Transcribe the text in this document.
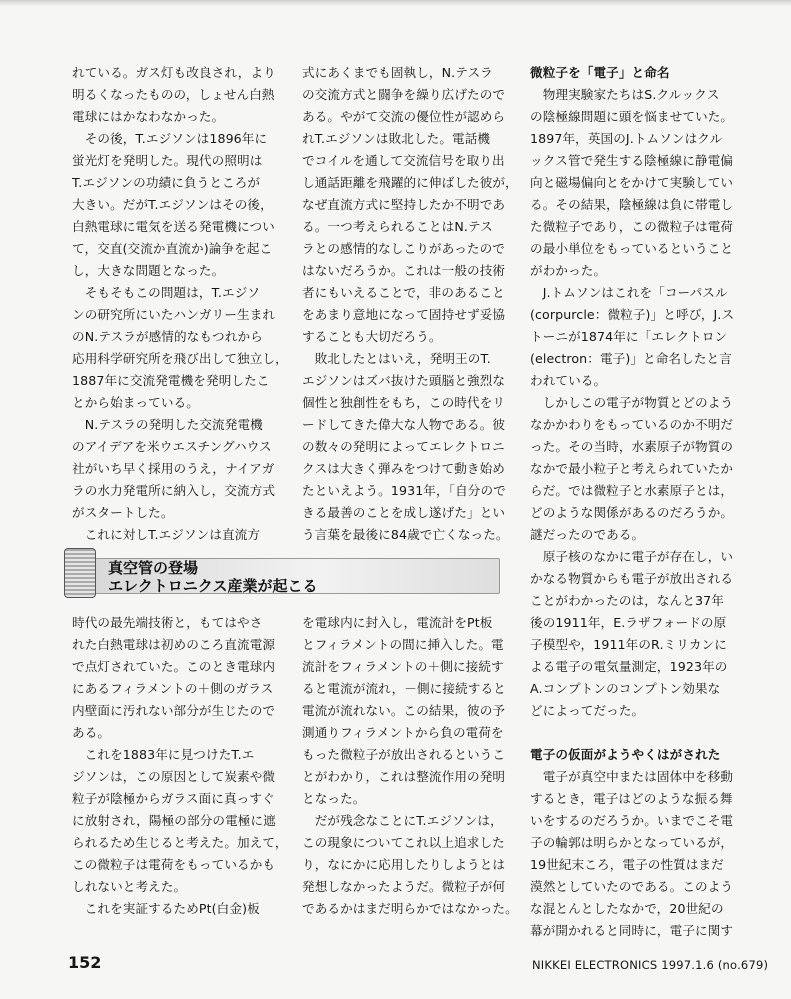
れている。ガス灯も改良され，より

明るくなったものの，しょせん白熱

電球にはかなわなかった。

　その後，T.エジソンは1896年に

蛍光灯を発明した。現代の照明は

T.エジソンの功績に負うところが

大きい。だがT.エジソンはその後，

白熱電球に電気を送る発電機につい

て，交直(交流か直流か)論争を起こ

し，大きな問題となった。

　そもそもこの問題は，T.エジソ

ンの研究所にいたハンガリー生まれ

のN.テスラが感情的なもつれから

応用科学研究所を飛び出して独立し，

1887年に交流発電機を発明したこ

とから始まっている。

　N.テスラの発明した交流発電機

のアイデアを米ウエスチングハウス

社がいち早く採用のうえ，ナイアガ

ラの水力発電所に納入し，交流方式

がスタートした。

　これに対しT.エジソンは直流方

式にあくまでも固執し，N.テスラ

の交流方式と闘争を繰り広げたので

ある。やがて交流の優位性が認めら

れT.エジソンは敗北した。電話機

でコイルを通して交流信号を取り出

し通話距離を飛躍的に伸ばした彼が，

なぜ直流方式に堅持したか不明であ

る。一つ考えられることはN.テス

ラとの感情的なしこりがあったので

はないだろうか。これは一般の技術

者にもいえることで，非のあること

をあまり意地になって固持せず妥協

することも大切だろう。

　敗北したとはいえ，発明王のT.

エジソンはズバ抜けた頭脳と強烈な

個性と独創性をもち，この時代をリ

ードしてきた偉大な人物である。彼

の数々の発明によってエレクトロニ

クスは大きく弾みをつけて動き始め

たといえよう。1931年，「自分ので

きる最善のことを成し遂げた」とい

う言葉を最後に84歳で亡くなった。

微粒子を「電子」と命名

　物理実験家たちはS.クルックス

の陰極線問題に頭を悩ませていた。

1897年，英国のJ.トムソンはクル

ックス管で発生する陰極線に静電偏

向と磁場偏向とをかけて実験してい

る。その結果，陰極線は負に帯電し

た微粒子であり，この微粒子は電荷

の最小単位をもっているということ

がわかった。

　J.トムソンはこれを「コーパスル

(corpurcle：微粒子)」と呼び，J.ス

トーニが1874年に「エレクトロン

(electron：電子)」と命名したと言

われている。

　しかしこの電子が物質とどのよう

なかかわりをもっているのか不明だ

った。その当時，水素原子が物質の

なかで最小粒子と考えられていたか

らだ。では微粒子と水素原子とは，

どのような関係があるのだろうか。

謎だったのである。

　原子核のなかに電子が存在し，い

かなる物質からも電子が放出される

ことがわかったのは，なんと37年

後の1911年，E.ラザフォードの原

子模型や，1911年のR.ミリカンに

よる電子の電気量測定，1923年の

A.コンプトンのコンプトン効果な

どによってだった。

電子の仮面がようやくはがされた

　電子が真空中または固体中を移動

するとき，電子はどのような振る舞

いをするのだろうか。いまでこそ電

子の輪郭は明らかとなっているが，

19世紀末ころ，電子の性質はまだ

漠然としていたのである。このよう

な混とんとしたなかで，20世紀の

幕が開かれると同時に，電子に関す

真空管の登場
エレクトロニクス産業が起こる

時代の最先端技術と，もてはやさ

れた白熱電球は初めのころ直流電源

で点灯されていた。このとき電球内

にあるフィラメントの＋側のガラス

内壁面に汚れない部分が生じたので

ある。

　これを1883年に見つけたT.エ

ジソンは，この原因として炭素や微

粒子が陰極からガラス面に真っすぐ

に放射され，陽極の部分の電極に遮

られるため生じると考えた。加えて，

この微粒子は電荷をもっているかも

しれないと考えた。

　これを実証するためPt(白金)板

を電球内に封入し，電流計をPt板

とフィラメントの間に挿入した。電

流計をフィラメントの＋側に接続す

ると電流が流れ，－側に接続すると

電流が流れない。この結果，彼の予

測通りフィラメントから負の電荷を

もった微粒子が放出されるというこ

とがわかり，これは整流作用の発明

となった。

　だが残念なことにT.エジソンは，

この現象についてこれ以上追求した

り，なにかに応用したりしようとは

発想しなかったようだ。微粒子が何

であるかはまだ明らかではなかった。

152	NIKKEI ELECTRONICS 1997.1.6 (no.679)
